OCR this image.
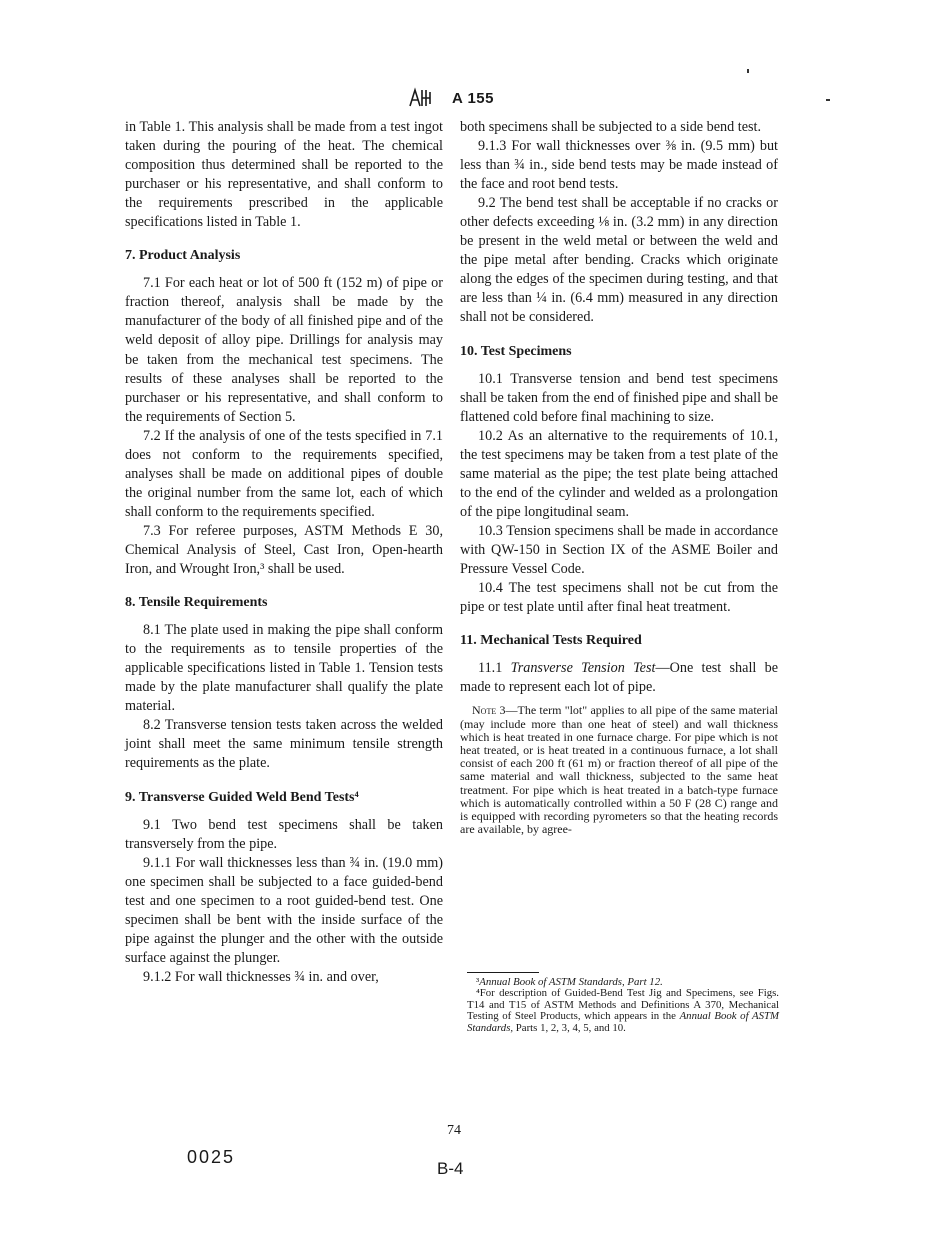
A 155

in Table 1. This analysis shall be made from a test ingot taken during the pouring of the heat. The chemical composition thus determined shall be reported to the purchaser or his representative, and shall conform to the requirements prescribed in the applicable specifications listed in Table 1.

7. Product Analysis

7.1 For each heat or lot of 500 ft (152 m) of pipe or fraction thereof, analysis shall be made by the manufacturer of the body of all finished pipe and of the weld deposit of alloy pipe. Drillings for analysis may be taken from the mechanical test specimens. The results of these analyses shall be reported to the purchaser or his representative, and shall conform to the requirements of Section 5.

7.2 If the analysis of one of the tests specified in 7.1 does not conform to the requirements specified, analyses shall be made on additional pipes of double the original number from the same lot, each of which shall conform to the requirements specified.

7.3 For referee purposes, ASTM Methods E 30, Chemical Analysis of Steel, Cast Iron, Open-hearth Iron, and Wrought Iron,³ shall be used.

8. Tensile Requirements

8.1 The plate used in making the pipe shall conform to the requirements as to tensile properties of the applicable specifications listed in Table 1. Tension tests made by the plate manufacturer shall qualify the plate material.

8.2 Transverse tension tests taken across the welded joint shall meet the same minimum tensile strength requirements as the plate.

9. Transverse Guided Weld Bend Tests⁴

9.1 Two bend test specimens shall be taken transversely from the pipe.

9.1.1 For wall thicknesses less than ¾ in. (19.0 mm) one specimen shall be subjected to a face guided-bend test and one specimen to a root guided-bend test. One specimen shall be bent with the inside surface of the pipe against the plunger and the other with the outside surface against the plunger.

9.1.2 For wall thicknesses ¾ in. and over,

both specimens shall be subjected to a side bend test.

9.1.3 For wall thicknesses over ⅜ in. (9.5 mm) but less than ¾ in., side bend tests may be made instead of the face and root bend tests.

9.2 The bend test shall be acceptable if no cracks or other defects exceeding ⅛ in. (3.2 mm) in any direction be present in the weld metal or between the weld and the pipe metal after bending. Cracks which originate along the edges of the specimen during testing, and that are less than ¼ in. (6.4 mm) measured in any direction shall not be considered.

10. Test Specimens

10.1 Transverse tension and bend test specimens shall be taken from the end of finished pipe and shall be flattened cold before final machining to size.

10.2 As an alternative to the requirements of 10.1, the test specimens may be taken from a test plate of the same material as the pipe; the test plate being attached to the end of the cylinder and welded as a prolongation of the pipe longitudinal seam.

10.3 Tension specimens shall be made in accordance with QW-150 in Section IX of the ASME Boiler and Pressure Vessel Code.

10.4 The test specimens shall not be cut from the pipe or test plate until after final heat treatment.

11. Mechanical Tests Required

11.1 Transverse Tension Test—One test shall be made to represent each lot of pipe.

Note 3—The term "lot" applies to all pipe of the same material (may include more than one heat of steel) and wall thickness which is heat treated in one furnace charge. For pipe which is not heat treated, or is heat treated in a continuous furnace, a lot shall consist of each 200 ft (61 m) or fraction thereof of all pipe of the same material and wall thickness, subjected to the same heat treatment. For pipe which is heat treated in a batch-type furnace which is automatically controlled within a 50 F (28 C) range and is equipped with recording pyrometers so that the heating records are available, by agree-

³Annual Book of ASTM Standards, Part 12.
⁴For description of Guided-Bend Test Jig and Specimens, see Figs. T14 and T15 of ASTM Methods and Definitions A 370, Mechanical Testing of Steel Products, which appears in the Annual Book of ASTM Standards, Parts 1, 2, 3, 4, 5, and 10.
74
0025
B-4
